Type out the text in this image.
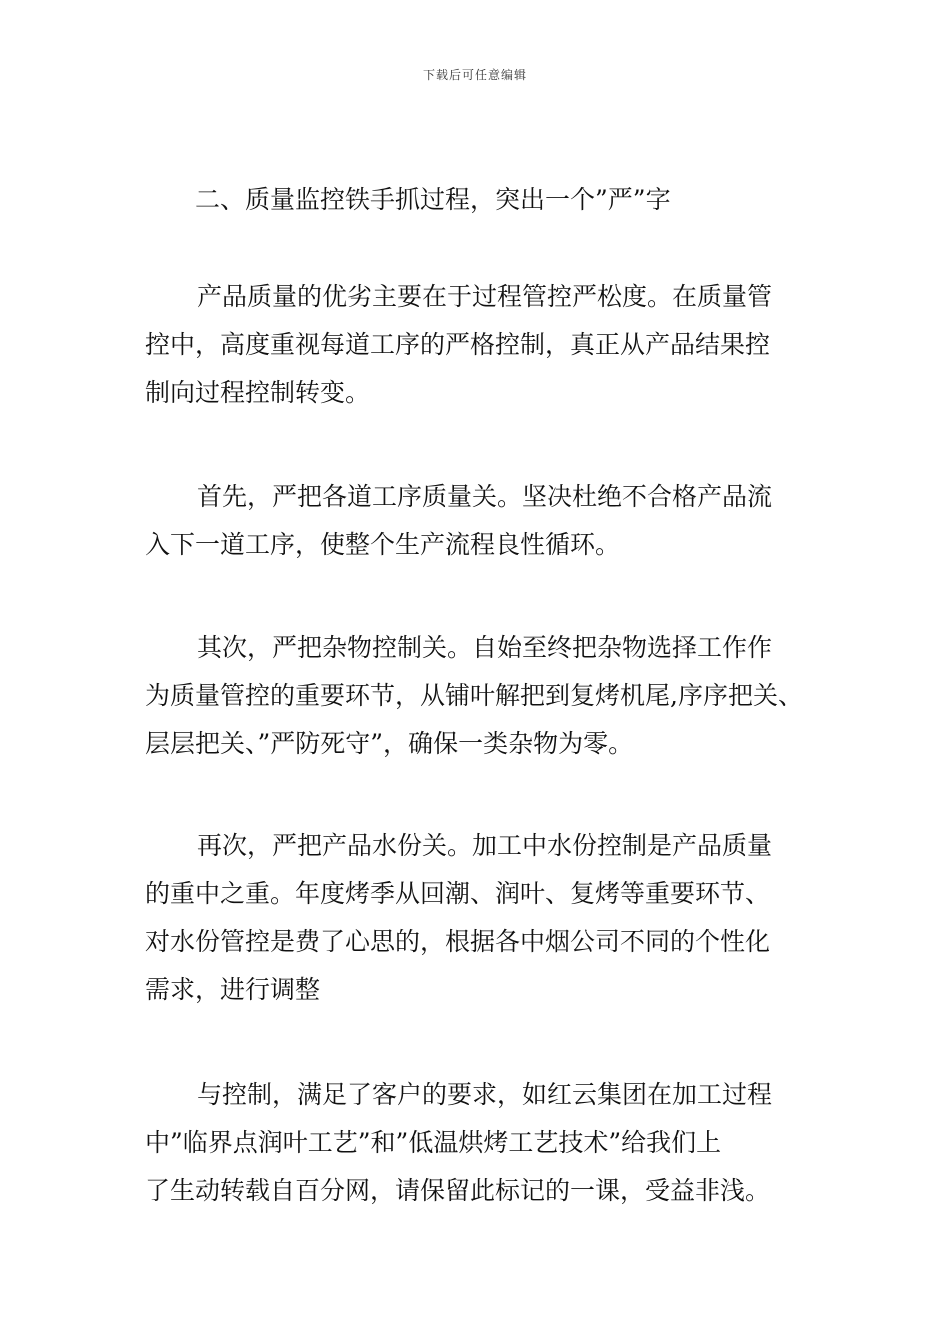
下载后可任意编辑
二、质量监控铁手抓过程，突出一个”严”字
产品质量的优劣主要在于过程管控严松度。在质量管
控中，高度重视每道工序的严格控制，真正从产品结果控
制向过程控制转变。
首先，严把各道工序质量关。坚决杜绝不合格产品流
入下一道工序，使整个生产流程良性循环。
其次，严把杂物控制关。自始至终把杂物选择工作作
为质量管控的重要环节，从铺叶解把到复烤机尾,序序把关、
层层把关、”严防死守”，确保一类杂物为零。
再次，严把产品水份关。加工中水份控制是产品质量
的重中之重。年度烤季从回潮、润叶、复烤等重要环节、
对水份管控是费了心思的，根据各中烟公司不同的个性化
需求，进行调整
与控制，满足了客户的要求，如红云集团在加工过程
中”临界点润叶工艺”和”低温烘烤工艺技术”给我们上
了生动转载自百分网，请保留此标记的一课，受益非浅。
